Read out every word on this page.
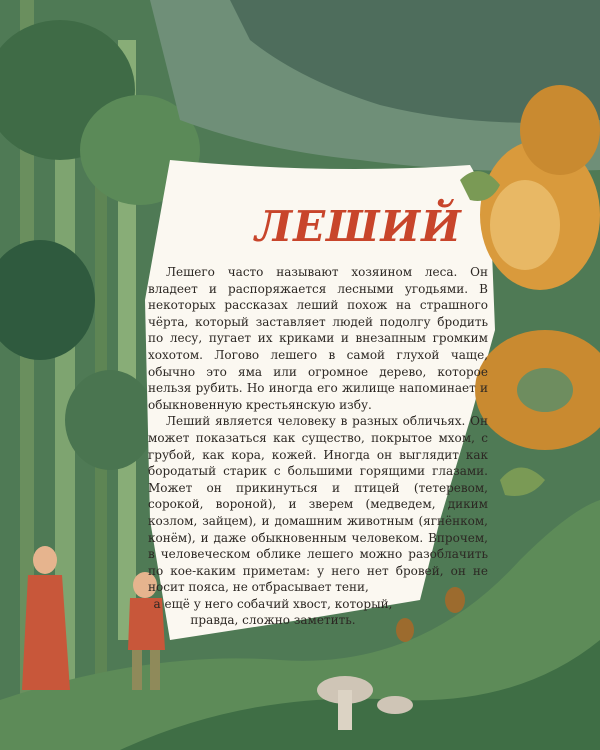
ЛЕШИЙ

Лешего часто называют хозяином леса. Он владеет и распоряжается лесными угодьями. В некоторых рассказах леший похож на страшного чёрта, который заставляет людей подолгу бродить по лесу, пугает их криками и внезапным громким хохотом. Логово лешего в самой глухой чаще, обычно это яма или огромное дерево, которое нельзя рубить. Но иногда его жилище напоминает и обыкновенную крестьянскую избу.

Леший является человеку в разных обличьях. Он может показаться как существо, покрытое мхом, с грубой, как кора, кожей. Иногда он выглядит как бородатый старик с большими горящими глазами. Может он прикинуться и птицей (тетеревом, сорокой, вороной), и зверем (медведем, диким козлом, зайцем), и домашним животным (ягнёнком, конём), и даже обыкновенным человеком. Впрочем, в человеческом облике лешего можно разоблачить по кое-каким приметам: у него нет бровей, он не носит пояса, не отбрасывает тени,

а ещё у него собачий хвост, который, правда, сложно заметить.
